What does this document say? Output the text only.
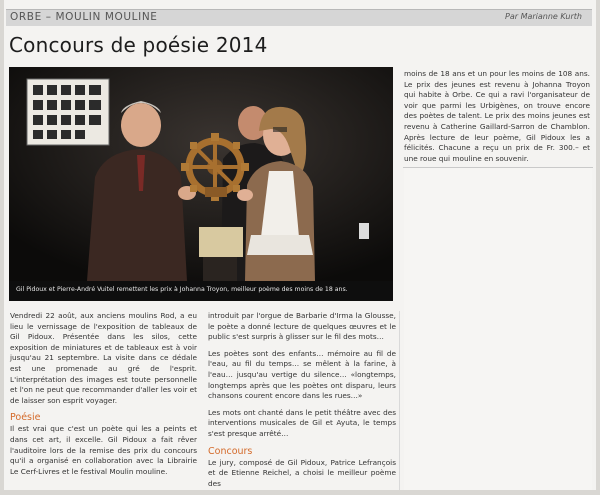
ORBE – MOULIN MOULINE	Par Marianne Kurth
Concours de poésie 2014
Gil Pidoux et Pierre-André Vuitel remettent les prix à Johanna Troyon, meilleur poème des moins de 18 ans.

moins de 18 ans et un pour les moins de 108 ans. Le prix des jeunes est revenu à Johanna Troyon qui habite à Orbe. Ce qui a ravi l'organisateur de voir que parmi les Urbigènes, on trouve encore des poètes de talent. Le prix des moins jeunes est revenu à Catherine Gaillard-Sarron de Chamblon. Après lecture de leur poème, Gil Pidoux les a félicités. Chacune a reçu un prix de Fr. 300.– et une roue qui mouline en souvenir.

Vendredi 22 août, aux anciens moulins Rod, a eu lieu le vernissage de l'exposition de tableaux de Gil Pidoux. Présentée dans les silos, cette exposition de miniatures et de tableaux est à voir jusqu'au 21 septembre. La visite dans ce dédale est une promenade au gré de l'esprit. L'interprétation des images est toute personnelle et l'on ne peut que recommander d'aller les voir et de laisser son esprit voyager.

Poésie

Il est vrai que c'est un poète qui les a peints et dans cet art, il excelle. Gil Pidoux a fait rêver l'auditoire lors de la remise des prix du concours qu'il a organisé en collaboration avec la Librairie Le Cerf-Livres et le festival Moulin mouline.

introduit par l'orgue de Barbarie d'Irma la Glousse, le poète a donné lecture de quelques œuvres et le public s'est surpris à glisser sur le fil des mots…

Les poètes sont des enfants… mémoire au fil de l'eau, au fil du temps… se mêlent à la farine, à l'eau… jusqu'au vertige du silence… «longtemps, longtemps après que les poètes ont disparu, leurs chansons courent encore dans les rues…»

Les mots ont chanté dans le petit théâtre avec des interventions musicales de Gil et Ayuta, le temps s'est presque arrêté…

Concours

Le jury, composé de Gil Pidoux, Patrice Lefrançois et de Etienne Reichel, a choisi le meilleur poème des
